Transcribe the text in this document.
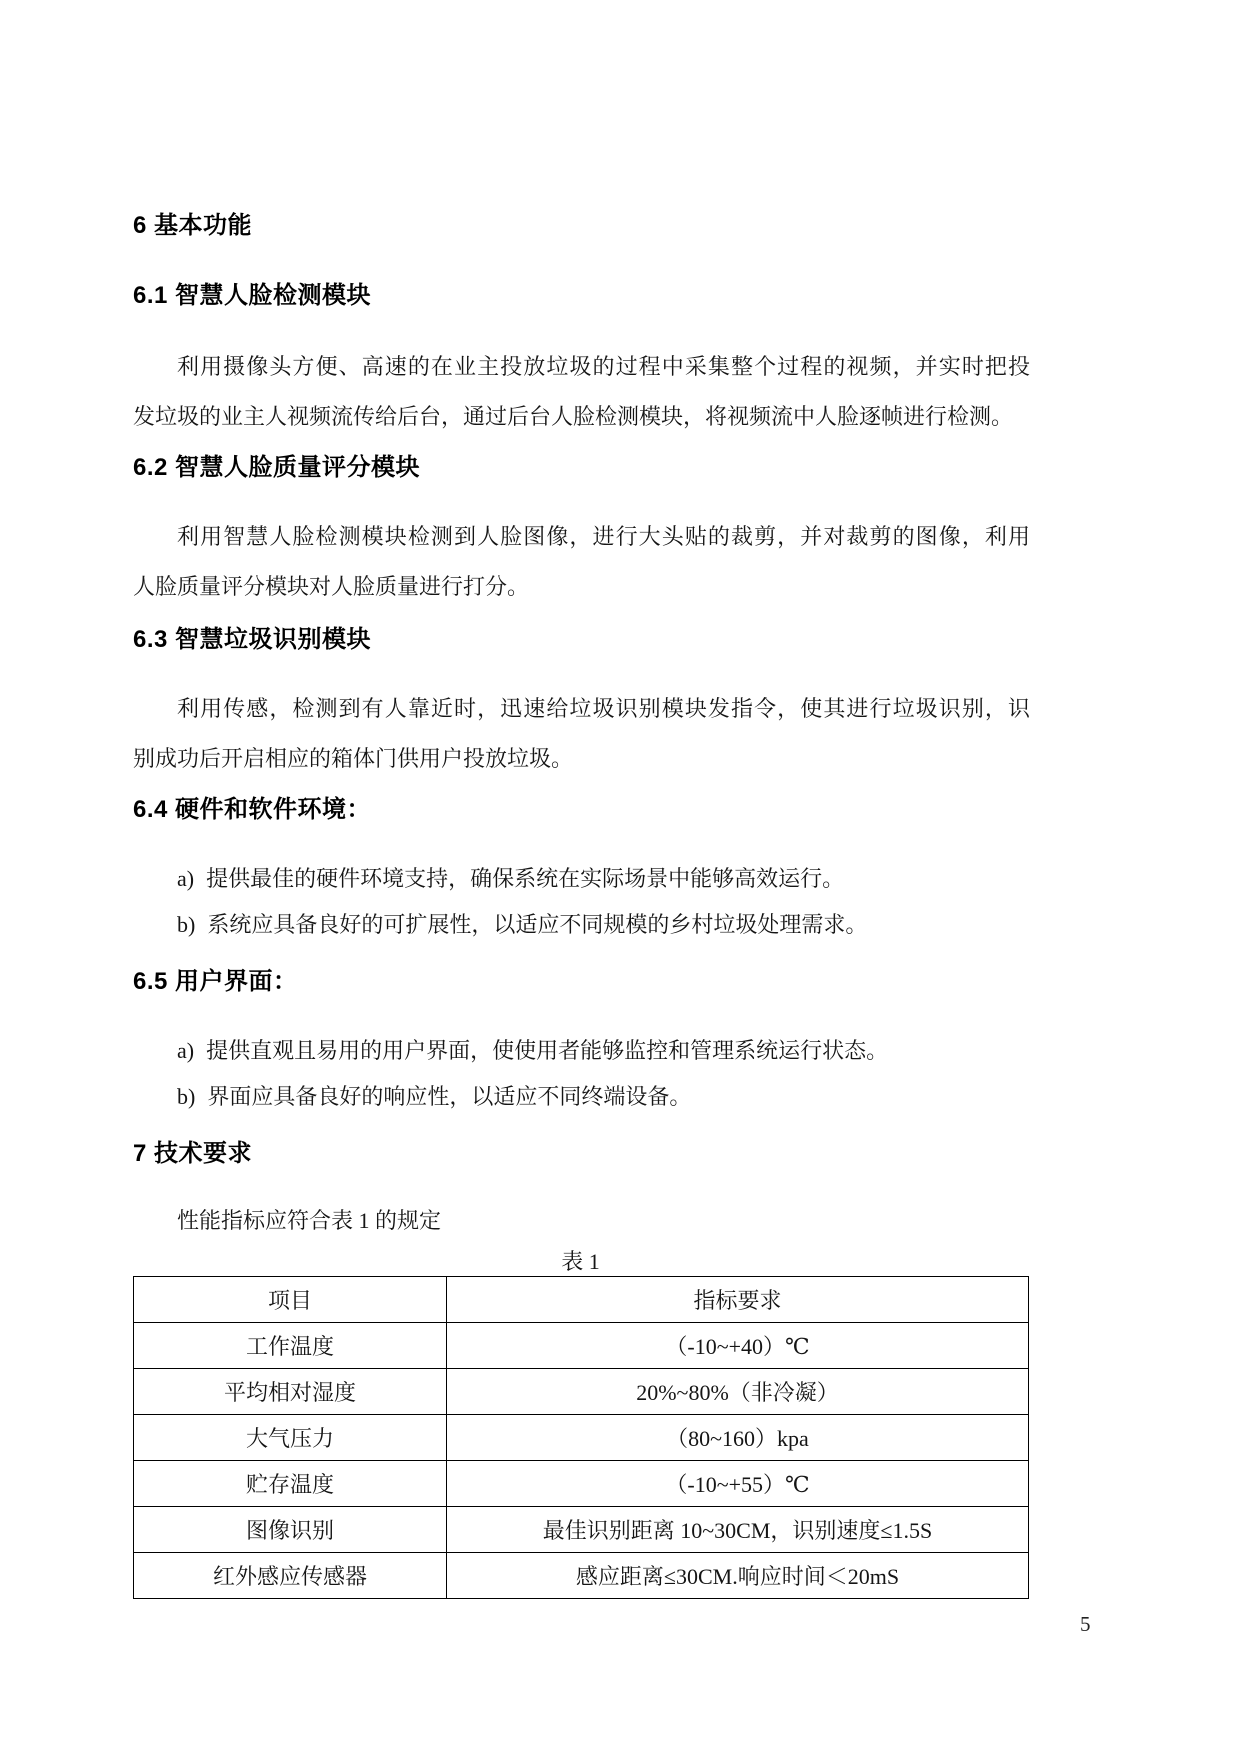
6 基本功能
6.1 智慧人脸检测模块
利用摄像头方便、高速的在业主投放垃圾的过程中采集整个过程的视频，并实时把投
发垃圾的业主人视频流传给后台，通过后台人脸检测模块，将视频流中人脸逐帧进行检测。
6.2 智慧人脸质量评分模块
利用智慧人脸检测模块检测到人脸图像，进行大头贴的裁剪，并对裁剪的图像，利用
人脸质量评分模块对人脸质量进行打分。
6.3 智慧垃圾识别模块
利用传感，检测到有人靠近时，迅速给垃圾识别模块发指令，使其进行垃圾识别，识
别成功后开启相应的箱体门供用户投放垃圾。
6.4 硬件和软件环境：
a) 提供最佳的硬件环境支持，确保系统在实际场景中能够高效运行。
b) 系统应具备良好的可扩展性，以适应不同规模的乡村垃圾处理需求。
6.5 用户界面：
a) 提供直观且易用的用户界面，使使用者能够监控和管理系统运行状态。
b) 界面应具备良好的响应性，以适应不同终端设备。
7 技术要求
性能指标应符合表 1 的规定
表 1
项目	指标要求
工作温度	（-10~+40）℃
平均相对湿度	20%~80%（非冷凝）
大气压力	（80~160）kpa
贮存温度	（-10~+55）℃
图像识别	最佳识别距离 10~30CM，识别速度≤1.5S
红外感应传感器	感应距离≤30CM.响应时间＜20mS
5
